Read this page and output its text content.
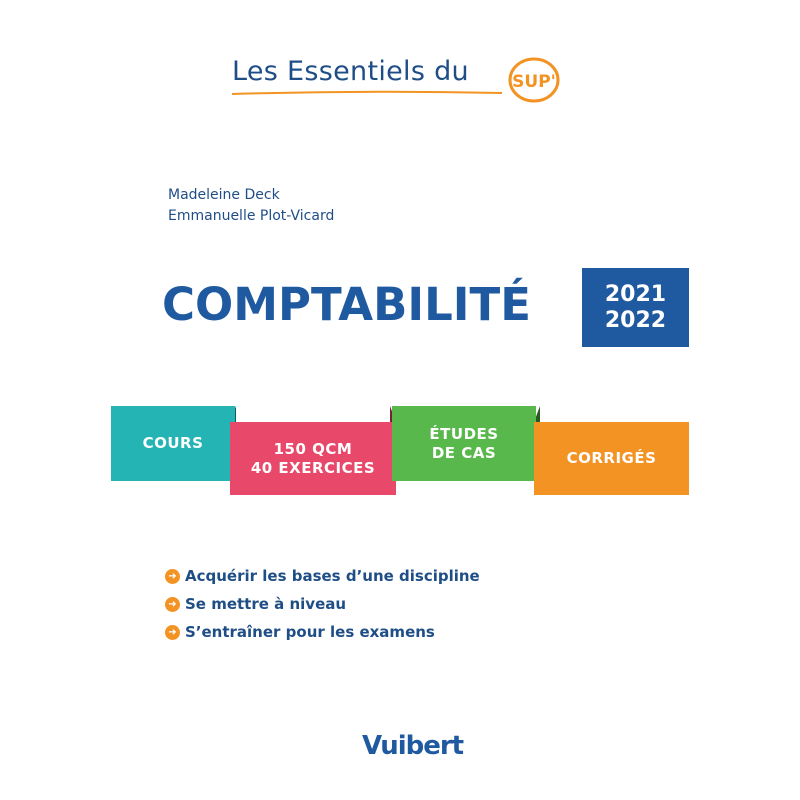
Les Essentiels du	SUP'
Madeleine Deck
Emmanuelle Plot-Vicard
COMPTABILITÉ	2021
2022
COURS	150 QCM
40 EXERCICES
ÉTUDES
DE CAS	CORRIGÉS
➜ Acquérir les bases d’une discipline
➜ Se mettre à niveau
➜ S’entraîner pour les examens
Vuibert
